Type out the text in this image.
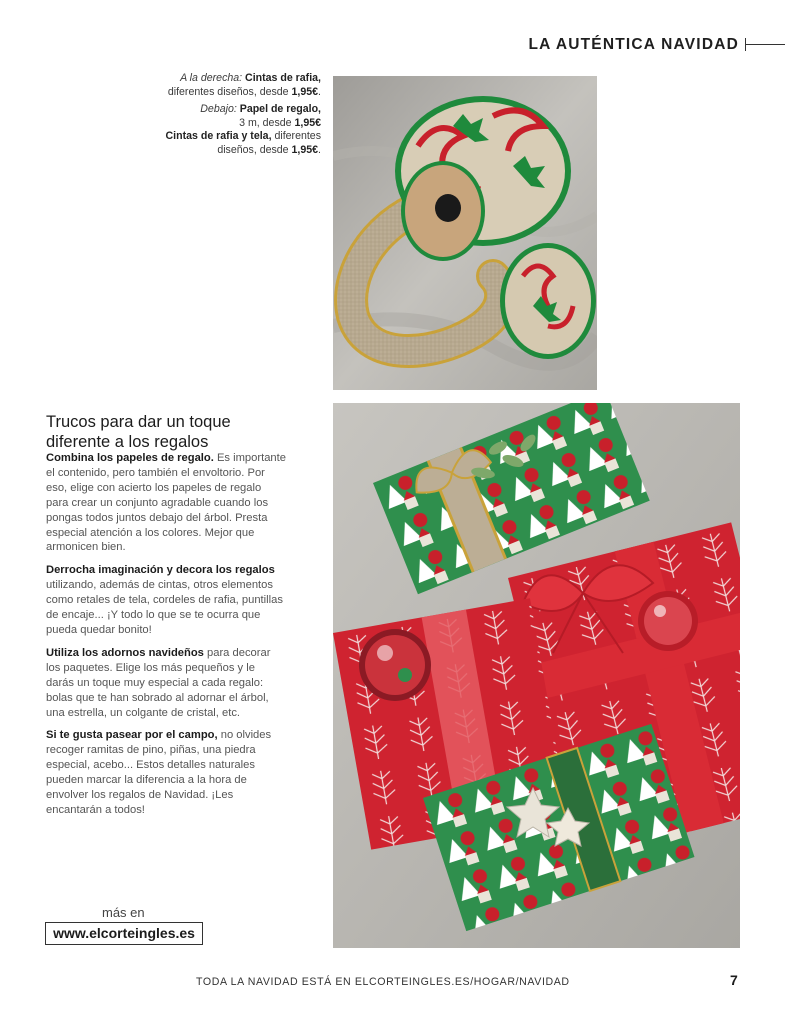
LA AUTÉNTICA NAVIDAD
A la derecha: Cintas de rafia,
diferentes diseños, desde 1,95€.
Debajo: Papel de regalo,
3 m, desde 1,95€
Cintas de rafia y tela, diferentes
diseños, desde 1,95€.
Trucos para dar un toque diferente a los regalos

Combina los papeles de regalo. Es importante el contenido, pero también el envoltorio. Por eso, elige con acierto los papeles de regalo para crear un conjunto agradable cuando los pongas todos juntos debajo del árbol. Presta especial atención a los colores. Mejor que armonicen bien.

Derrocha imaginación y decora los regalos utilizando, además de cintas, otros elementos como retales de tela, cordeles de rafia, puntillas de encaje... ¡Y todo lo que se te ocurra que pueda quedar bonito!

Utiliza los adornos navideños para decorar los paquetes. Elige los más pequeños y le darás un toque muy especial a cada regalo: bolas que te han sobrado al adornar el árbol, una estrella, un colgante de cristal, etc.

Si te gusta pasear por el campo, no olvides recoger ramitas de pino, piñas, una piedra especial, acebo... Estos detalles naturales pueden marcar la diferencia a la hora de envolver los regalos de Navidad. ¡Les encantarán a todos!

más en
www.elcorteingles.es
TODA LA NAVIDAD ESTÁ EN ELCORTEINGLES.ES/HOGAR/NAVIDAD	7
